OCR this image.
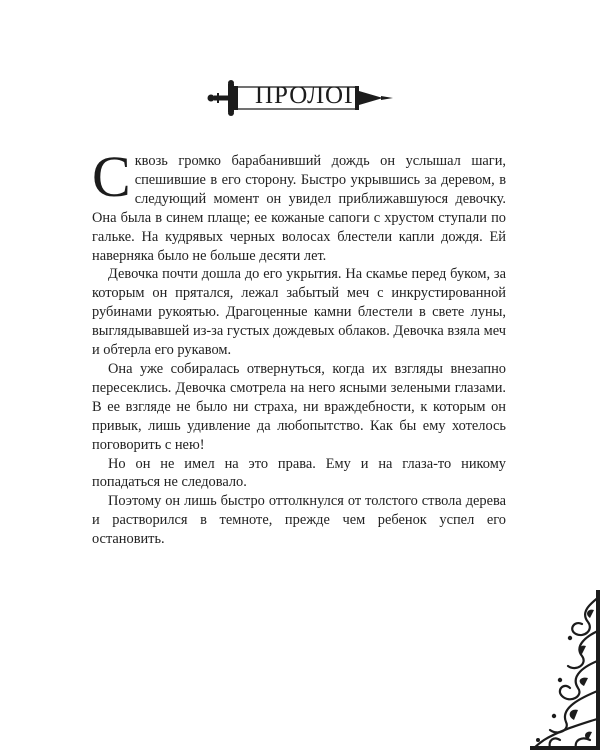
ПРОЛОГ

Сквозь громко барабанивший дождь он услышал шаги, спешившие в его сторону. Быстро укрывшись за деревом, в следующий момент он увидел приближавшуюся девочку. Она была в синем плаще; ее кожаные сапоги с хрустом ступали по гальке. На кудрявых черных волосах блестели капли дождя. Ей наверняка было не больше десяти лет.

Девочка почти дошла до его укрытия. На скамье перед буком, за которым он прятался, лежал забытый меч с инкрустированной рубинами рукоятью. Драгоценные камни блестели в свете луны, выглядывавшей из-за густых дождевых облаков. Девочка взяла меч и обтерла его рукавом.

Она уже собиралась отвернуться, когда их взгляды внезапно пересеклись. Девочка смотрела на него ясными зелеными глазами. В ее взгляде не было ни страха, ни враждебности, к которым он привык, лишь удивление да любопытство. Как бы ему хотелось поговорить с нею!

Но он не имел на это права. Ему и на глаза-то никому попадаться не следовало.

Поэтому он лишь быстро оттолкнулся от толстого ствола дерева и растворился в темноте, прежде чем ребенок успел его остановить.
